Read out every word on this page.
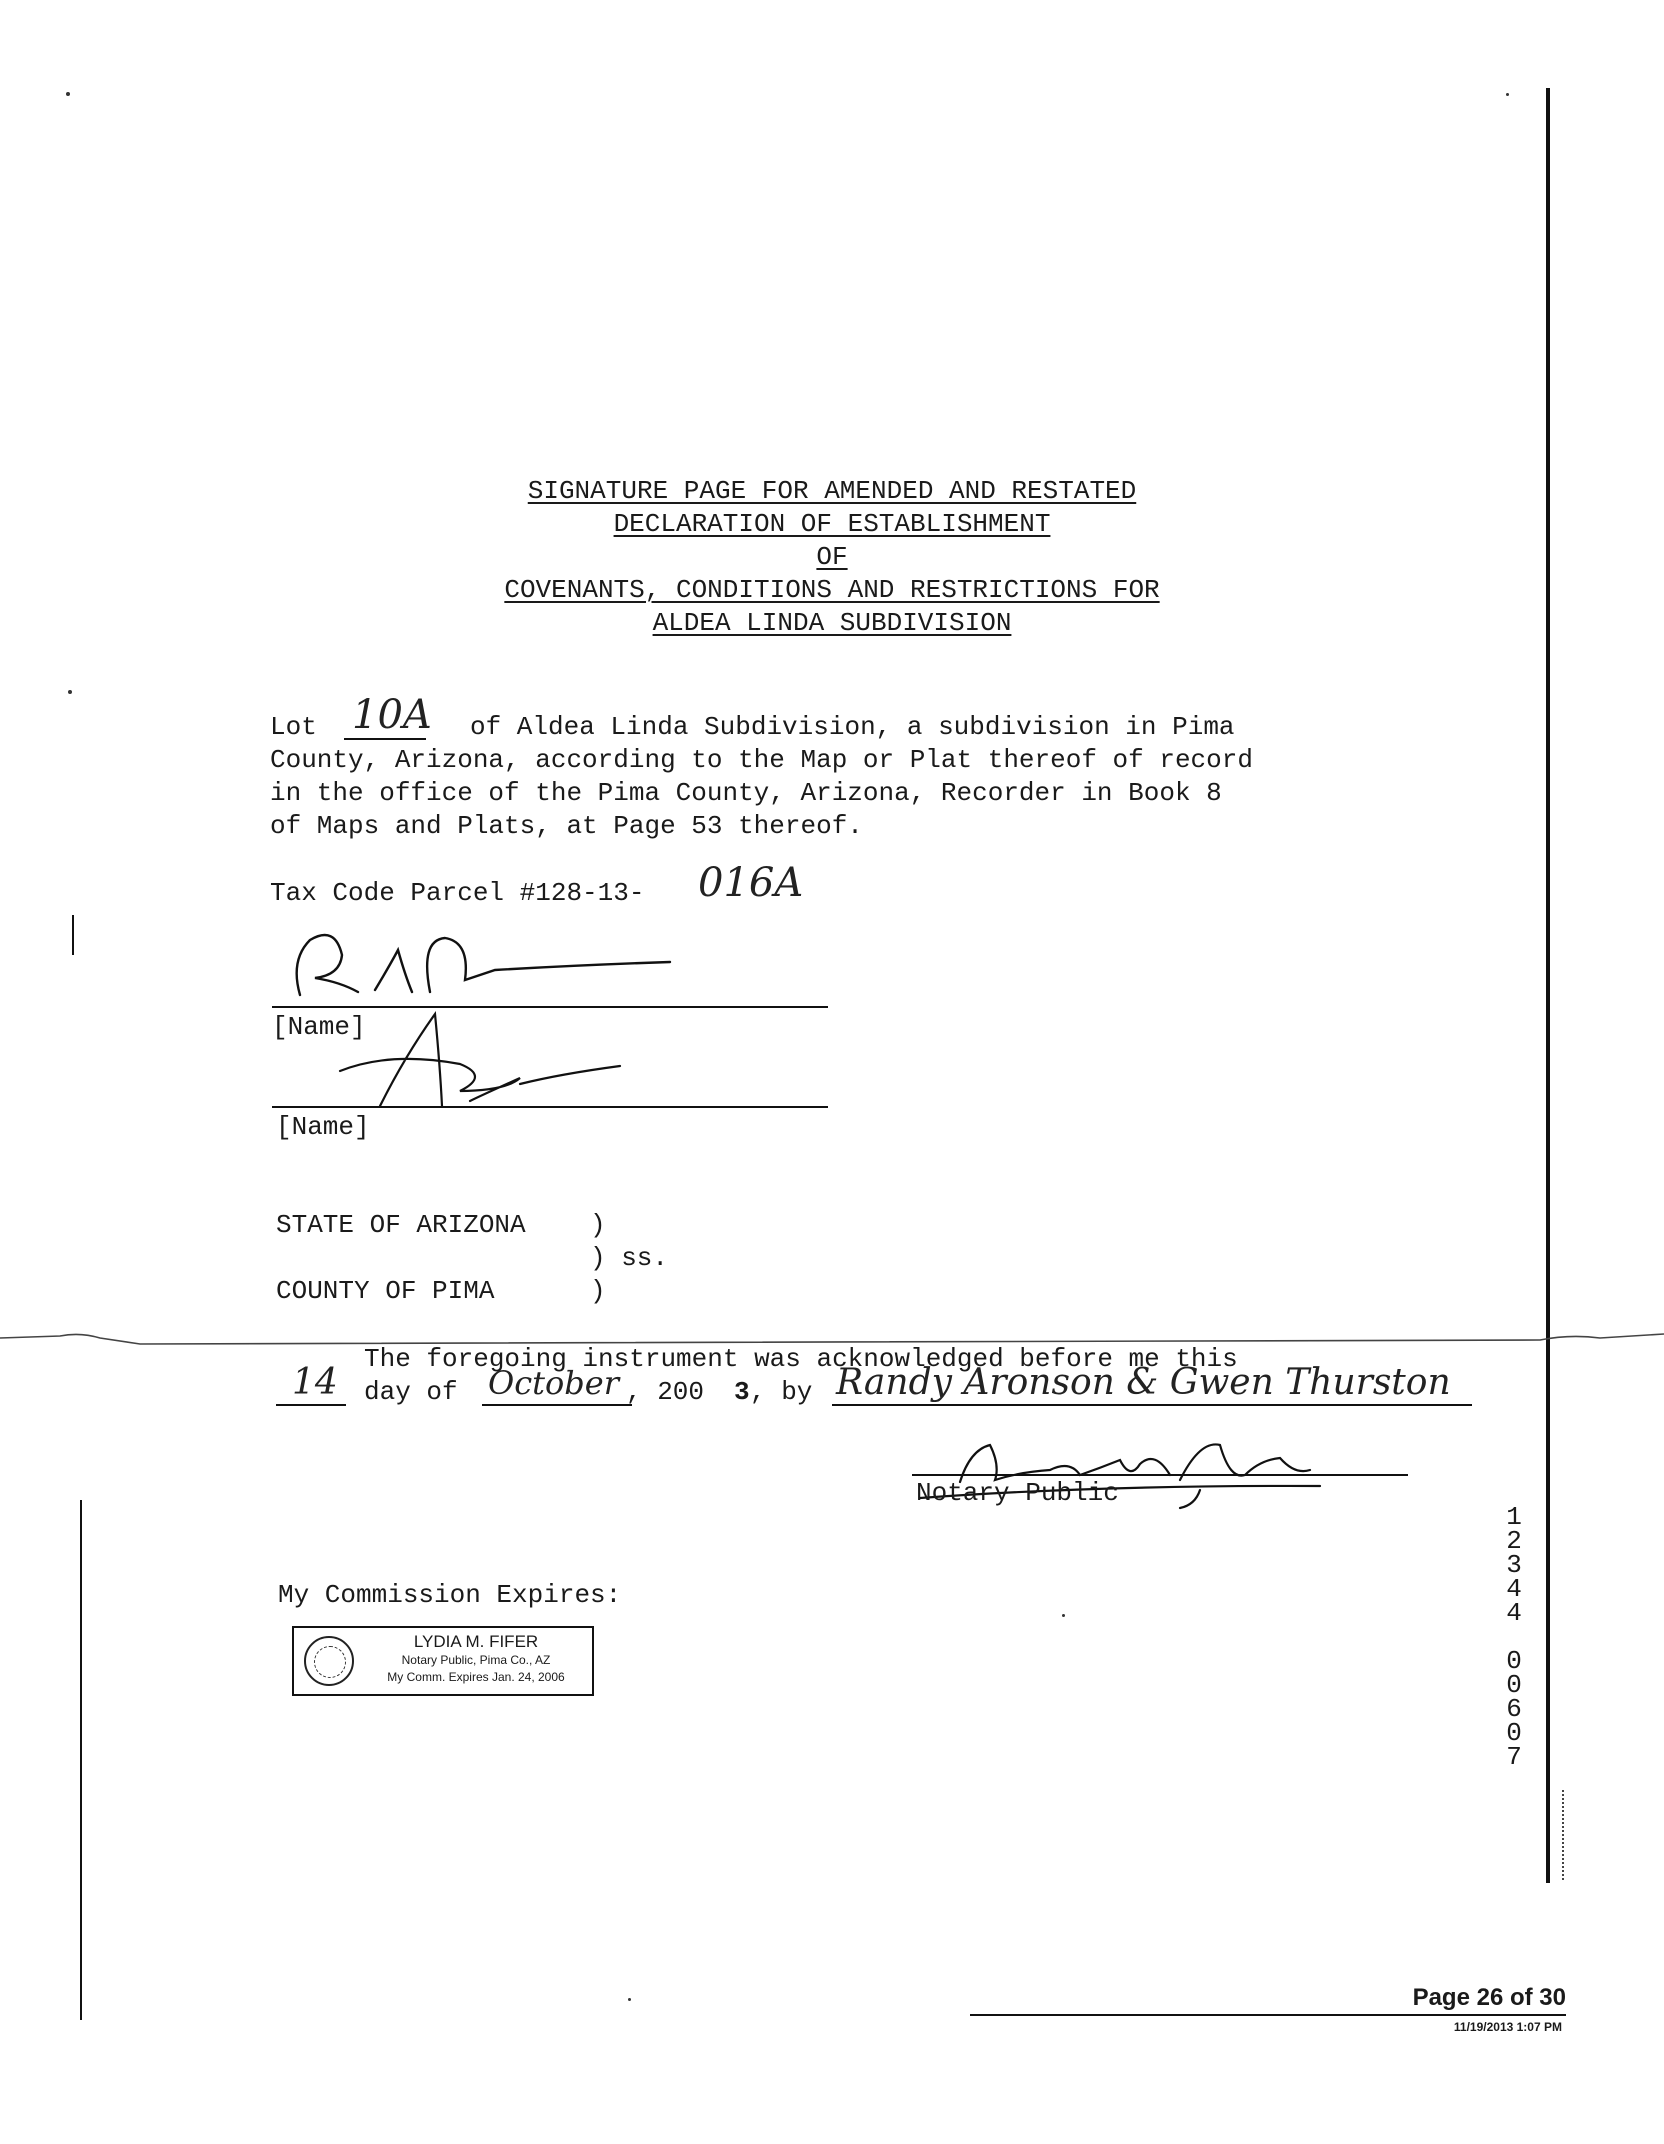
SIGNATURE PAGE FOR AMENDED AND RESTATED
DECLARATION OF ESTABLISHMENT
OF
COVENANTS, CONDITIONS AND RESTRICTIONS FOR
ALDEA LINDA SUBDIVISION
Lot 10A of Aldea Linda Subdivision, a subdivision in Pima
County, Arizona, according to the Map or Plat thereof of record
in the office of the Pima County, Arizona, Recorder in Book 8
of Maps and Plats, at Page 53 thereof.
Tax Code Parcel #128-13- 016A
[Name]
[Name]
STATE OF ARIZONA )
) ss.
COUNTY OF PIMA	)
The foregoing instrument was acknowledged before me this
14 day of October , 200 3 , by Randy Aronson & Gwen Thurston
Notary Public
My Commission Expires:
LYDIA M. FIFER
Notary Public, Pima Co., AZ
My Comm. Expires Jan. 24, 2006	12344 00607
Page 26 of 30
11/19/2013 1:07 PM
